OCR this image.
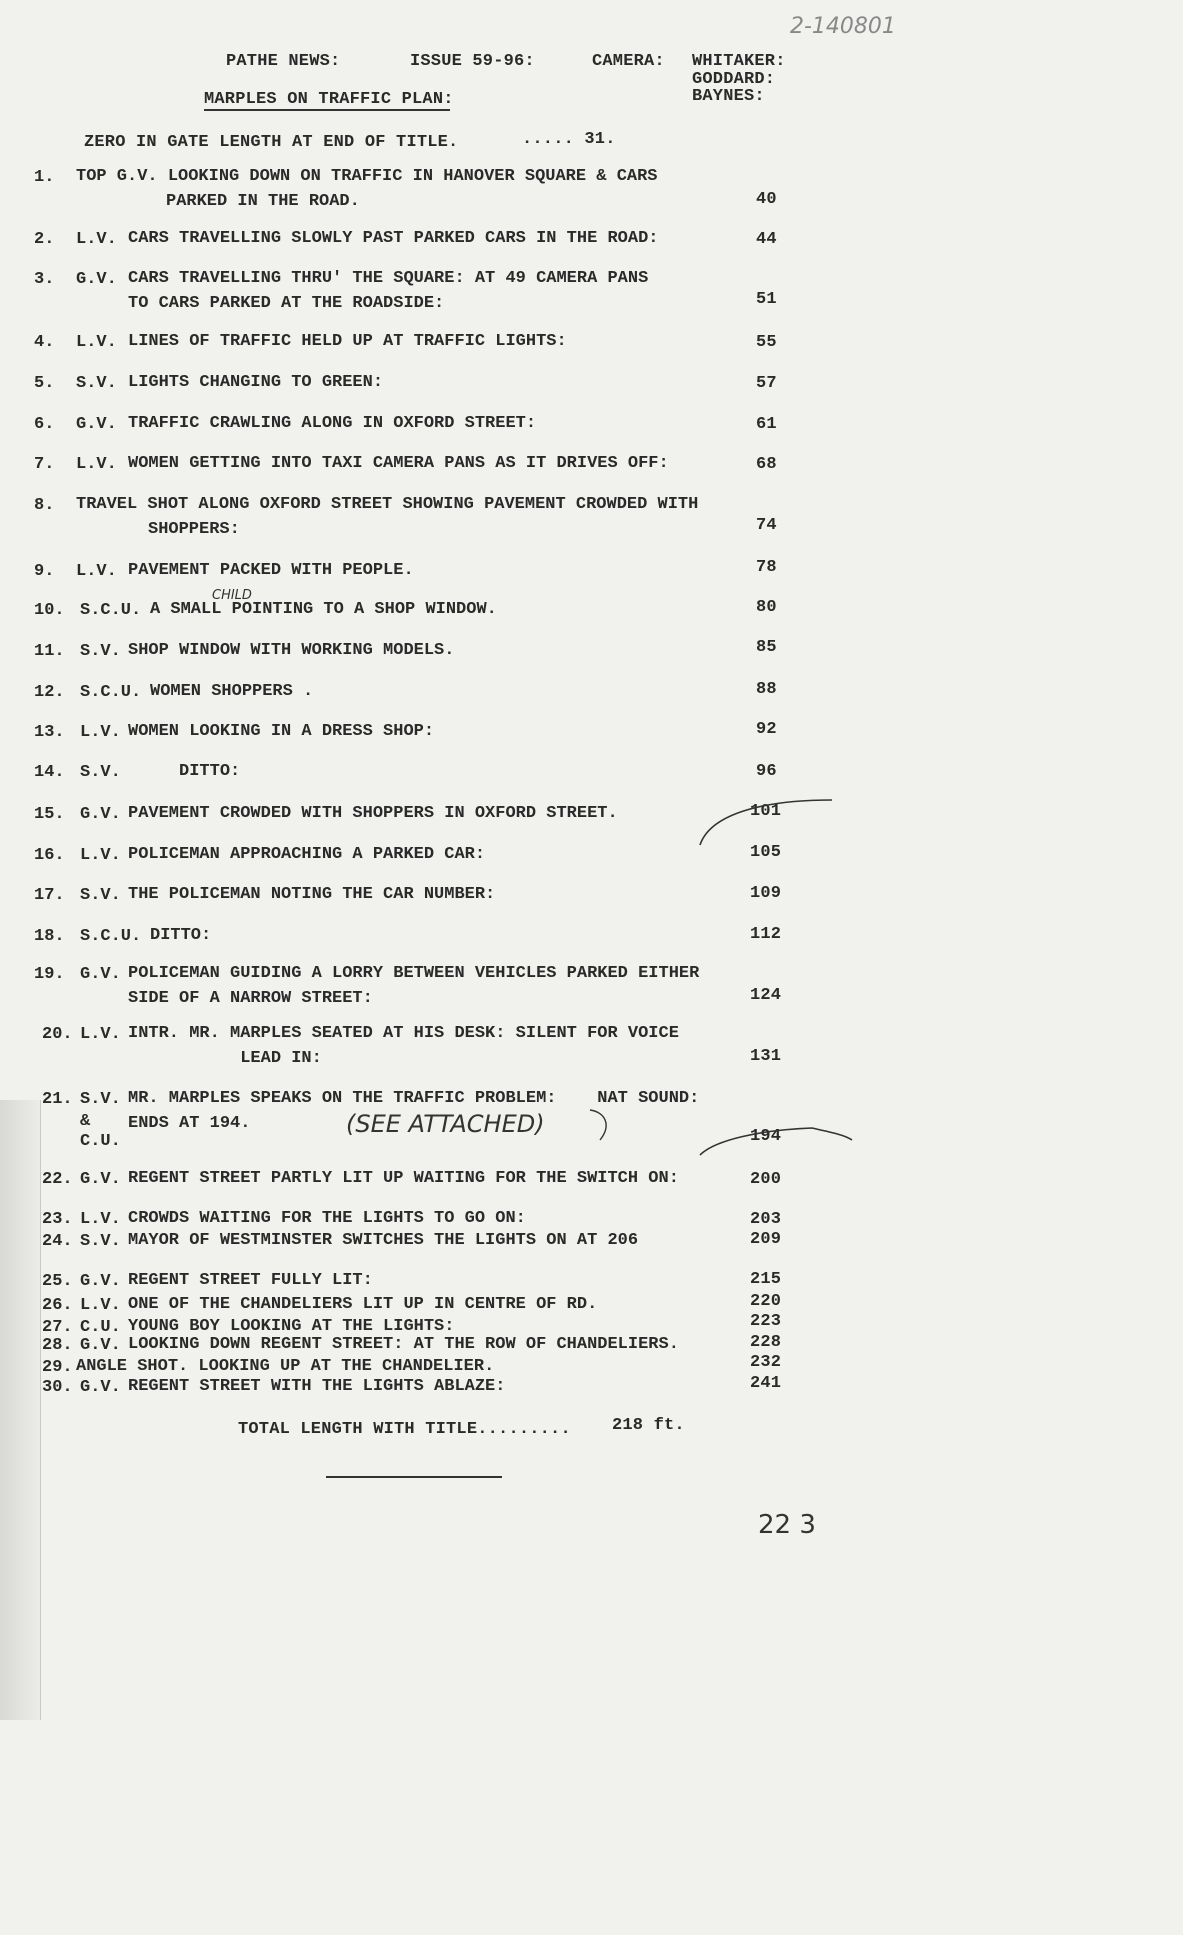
2-140801
PATHE NEWS:	ISSUE 59-96:	CAMERA: WHITAKER:
GODDARD:
BAYNES:
MARPLES ON TRAFFIC PLAN:
ZERO IN GATE LENGTH AT END OF TITLE.	..... 31.
1. TOP G.V. LOOKING DOWN ON TRAFFIC IN HANOVER SQUARE & CARS
PARKED IN THE ROAD.	40
2. L.V. CARS TRAVELLING SLOWLY PAST PARKED CARS IN THE ROAD:	44
3. G.V. CARS TRAVELLING THRU' THE SQUARE: AT 49 CAMERA PANS
TO CARS PARKED AT THE ROADSIDE:	51
4. L.V. LINES OF TRAFFIC HELD UP AT TRAFFIC LIGHTS:	55
5. S.V. LIGHTS CHANGING TO GREEN:	57
6. G.V. TRAFFIC CRAWLING ALONG IN OXFORD STREET:	61
7. L.V. WOMEN GETTING INTO TAXI CAMERA PANS AS IT DRIVES OFF:	68
8. TRAVEL SHOT ALONG OXFORD STREET SHOWING PAVEMENT CROWDED WITH
SHOPPERS:	74
9. L.V. PAVEMENT PACKED WITH PEOPLE.	78
10. S.C.U. A SMALL POINTING TO A SHOP WINDOW.	80
11. S.V. SHOP WINDOW WITH WORKING MODELS.	85
12. S.C.U. WOMEN SHOPPERS .	88
13. L.V. WOMEN LOOKING IN A DRESS SHOP:	92
14. S.V. DITTO:	96
15. G.V. PAVEMENT CROWDED WITH SHOPPERS IN OXFORD STREET.	101
16. L.V. POLICEMAN APPROACHING A PARKED CAR:	105
17. S.V. THE POLICEMAN NOTING THE CAR NUMBER:	109
18. S.C.U. DITTO:	112
19. G.V. POLICEMAN GUIDING A LORRY BETWEEN VEHICLES PARKED EITHER
SIDE OF A NARROW STREET:	124
20. L.V. INTR. MR. MARPLES SEATED AT HIS DESK: SILENT FOR VOICE
LEAD IN:	131
21. S.V. MR. MARPLES SPEAKS ON THE TRAFFIC PROBLEM:    NAT SOUND:
ENDS AT 194.
&
C.U.	194
22. G.V. REGENT STREET PARTLY LIT UP WAITING FOR THE SWITCH ON:	200
23. L.V. CROWDS WAITING FOR THE LIGHTS TO GO ON:	203
24. S.V. MAYOR OF WESTMINSTER SWITCHES THE LIGHTS ON AT 206	209
25. G.V. REGENT STREET FULLY LIT:	215
26. L.V. ONE OF THE CHANDELIERS LIT UP IN CENTRE OF RD.	220
27. C.U. YOUNG BOY LOOKING AT THE LIGHTS:	223
28. G.V. LOOKING DOWN REGENT STREET: AT THE ROW OF CHANDELIERS.	228
29. ANGLE SHOT. LOOKING UP AT THE CHANDELIER.	232
30. G.V. REGENT STREET WITH THE LIGHTS ABLAZE:	241
CHILD
(SEE ATTACHED)
TOTAL LENGTH WITH TITLE......... 218 ft.
22 3
